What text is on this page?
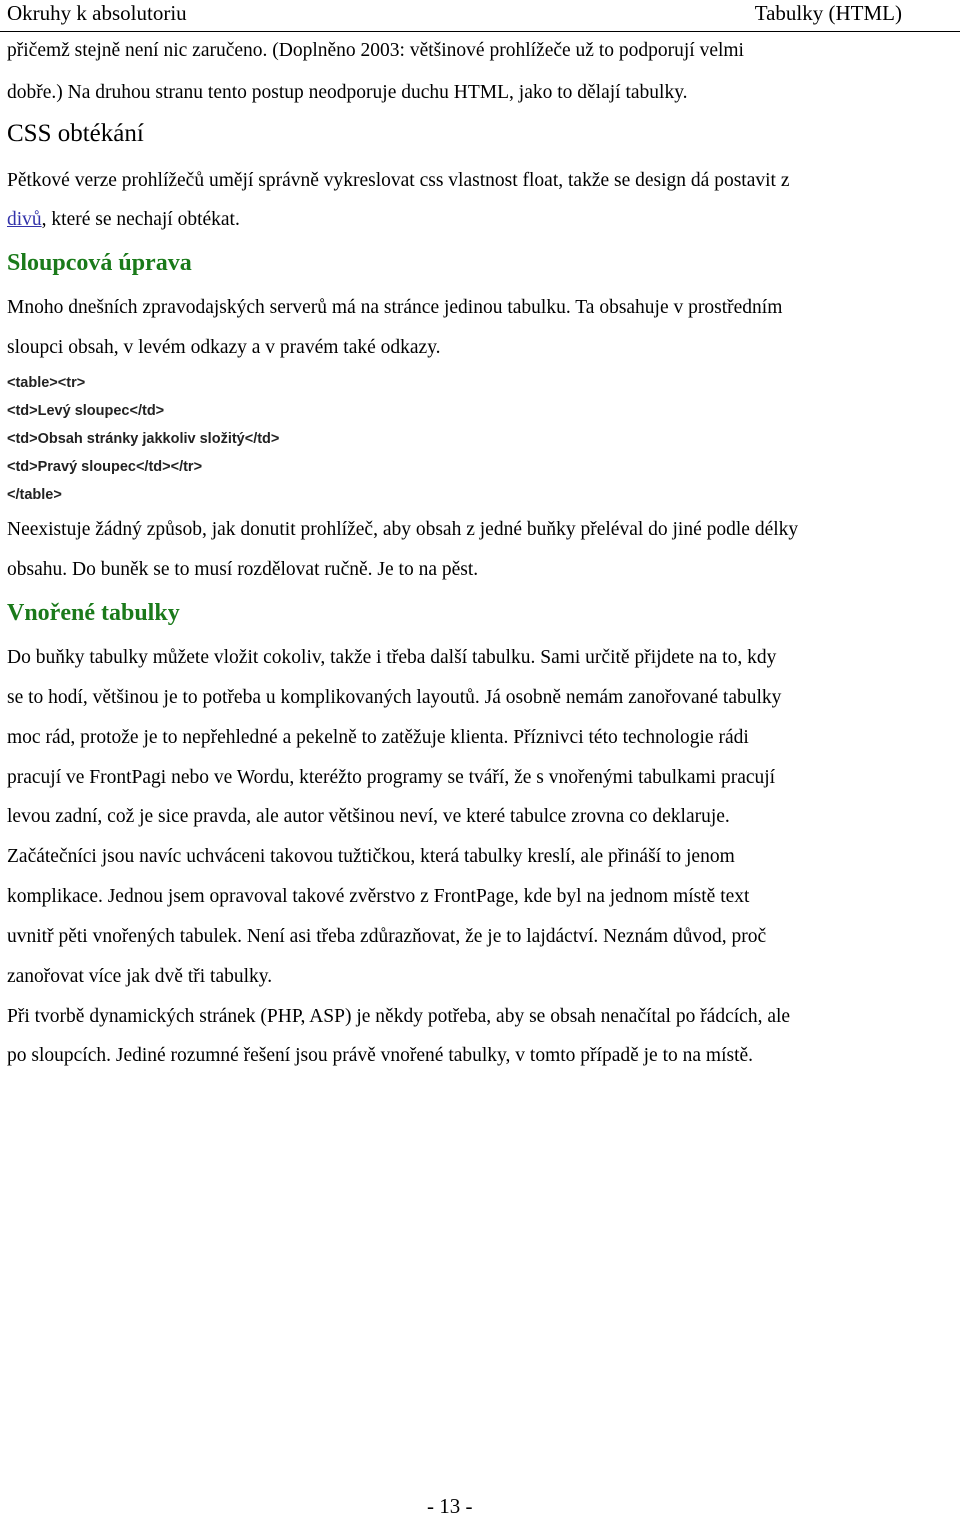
Okruhy k absolutoriu	Tabulky (HTML)
přičemž stejně není nic zaručeno. (Doplněno 2003: většinové prohlížeče už to podporují velmi
dobře.) Na druhou stranu tento postup neodporuje duchu HTML, jako to dělají tabulky.
CSS obtékání
Pětkové verze prohlížečů umějí správně vykreslovat css vlastnost float, takže se design dá postavit z
divů, které se nechají obtékat.
Sloupcová úprava
Mnoho dnešních zpravodajských serverů má na stránce jedinou tabulku. Ta obsahuje v prostředním
sloupci obsah, v levém odkazy a v pravém také odkazy.
<table><tr>
<td>Levý sloupec</td>
<td>Obsah stránky jakkoliv složitý</td>
<td>Pravý sloupec</td></tr>
</table>
Neexistuje žádný způsob, jak donutit prohlížeč, aby obsah z jedné buňky přeléval do jiné podle délky
obsahu. Do buněk se to musí rozdělovat ručně. Je to na pěst.
Vnořené tabulky
Do buňky tabulky můžete vložit cokoliv, takže i třeba další tabulku. Sami určitě přijdete na to, kdy
se to hodí, většinou je to potřeba u komplikovaných layoutů. Já osobně nemám zanořované tabulky
moc rád, protože je to nepřehledné a pekelně to zatěžuje klienta. Příznivci této technologie rádi
pracují ve FrontPagi nebo ve Wordu, kteréžto programy se tváří, že s vnořenými tabulkami pracují
levou zadní, což je sice pravda, ale autor většinou neví, ve které tabulce zrovna co deklaruje.
Začátečníci jsou navíc uchváceni takovou tužtičkou, která tabulky kreslí, ale přináší to jenom
komplikace. Jednou jsem opravoval takové zvěrstvo z FrontPage, kde byl na jednom místě text
uvnitř pěti vnořených tabulek. Není asi třeba zdůrazňovat, že je to lajdáctví. Neznám důvod, proč
zanořovat více jak dvě tři tabulky.
Při tvorbě dynamických stránek (PHP, ASP) je někdy potřeba, aby se obsah nenačítal po řádcích, ale
po sloupcích. Jediné rozumné řešení jsou právě vnořené tabulky, v tomto případě je to na místě.
- 13 -
